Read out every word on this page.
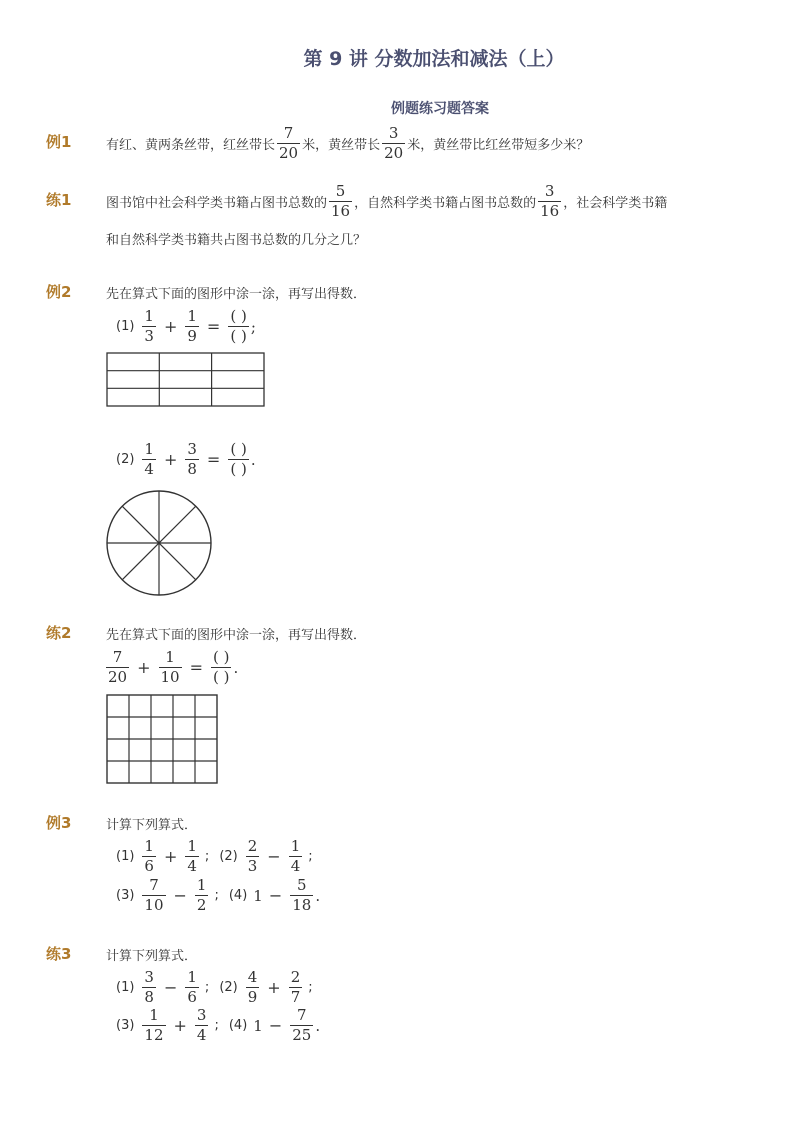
第 9 讲 分数加法和减法（上）
例题练习题答案
例1	有红、黄两条丝带，红丝带长 $\frac{7}{20}$ 米，黄丝带长 $\frac{3}{20}$ 米，黄丝带比红丝带短多少米？
练1	图书馆中社会科学类书籍占图书总数的 $\frac{5}{16}$ ，自然科学类书籍占图书总数的 $\frac{3}{16}$ ，社会科学类书籍
和自然科学类书籍共占图书总数的几分之几？
例2	先在算式下面的图形中涂一涂，再写出得数．
$(1) \frac{1}{3} + \frac{1}{9} = \frac{( )}{( )}$ ;
$(2) \frac{1}{4} + \frac{3}{8} = \frac{( )}{( )}$ .
练2	先在算式下面的图形中涂一涂，再写出得数．
$\frac{7}{20} + \frac{1}{10} = \frac{( )}{( )}$ .
例3	计算下列算式．
$(1) \frac{1}{6} + \frac{1}{4}$ ; $(2) \frac{2}{3} - \frac{1}{4}$ ;
$(3) \frac{7}{10} - \frac{1}{2}$ ; (4) $1 - \frac{5}{18}$ .
练3	计算下列算式．
$(1) \frac{3}{8} - \frac{1}{6}$ ; $(2) \frac{4}{9} + \frac{2}{7}$ ;
$(3) \frac{1}{12} + \frac{3}{4}$ ; (4) $1 - \frac{7}{25}$ .
